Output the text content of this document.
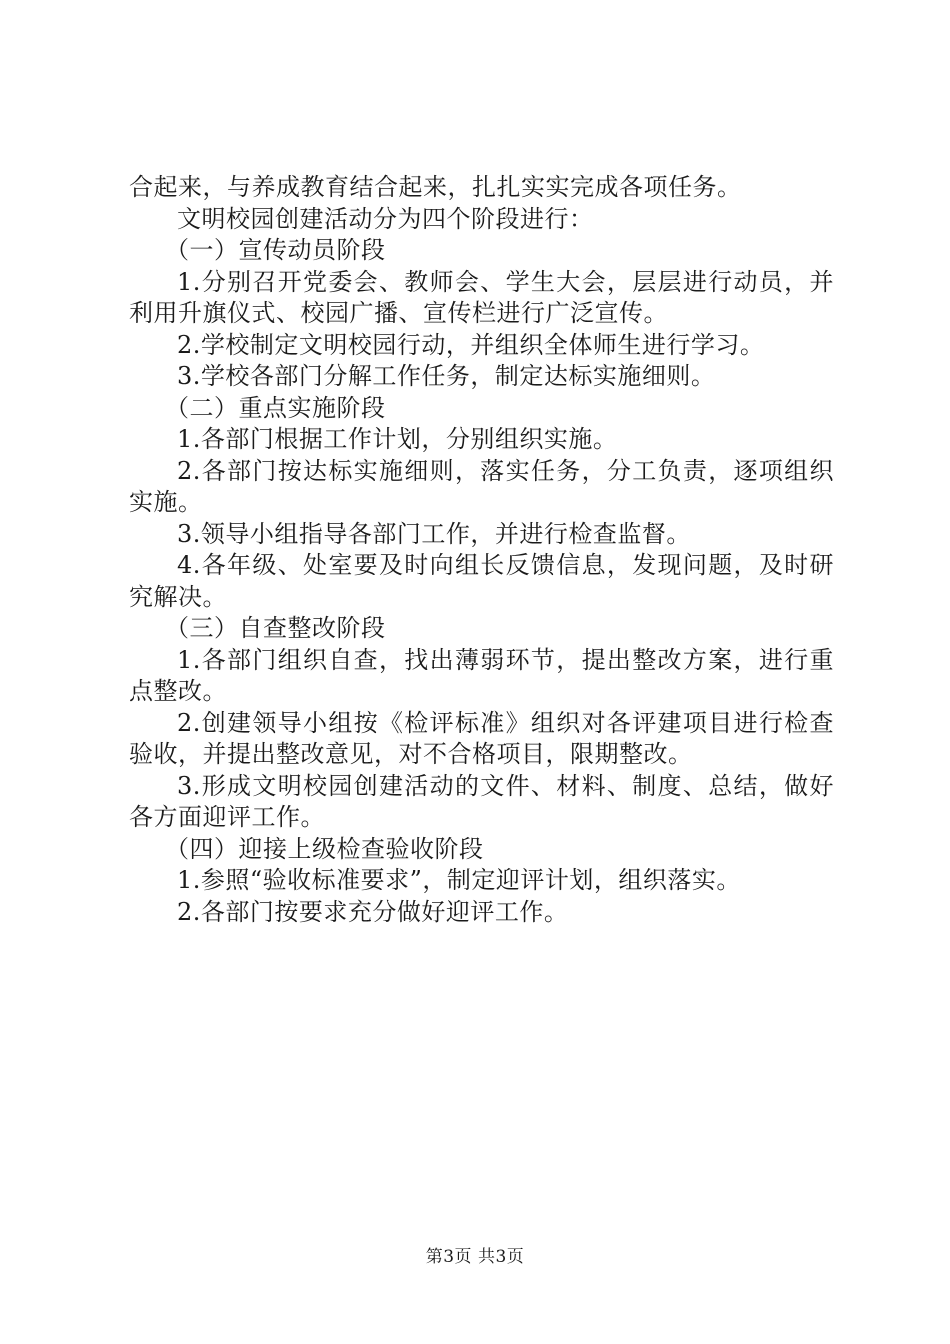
合起来，与养成教育结合起来，扎扎实实完成各项任务。

文明校园创建活动分为四个阶段进行：

（一）宣传动员阶段

1.分别召开党委会、教师会、学生大会，层层进行动员，并利用升旗仪式、校园广播、宣传栏进行广泛宣传。

2.学校制定文明校园行动，并组织全体师生进行学习。

3.学校各部门分解工作任务，制定达标实施细则。

（二）重点实施阶段

1.各部门根据工作计划，分别组织实施。

2.各部门按达标实施细则，落实任务，分工负责，逐项组织实施。

3.领导小组指导各部门工作，并进行检查监督。

4.各年级、处室要及时向组长反馈信息，发现问题，及时研究解决。

（三）自查整改阶段

1.各部门组织自查，找出薄弱环节，提出整改方案，进行重点整改。

2.创建领导小组按《检评标准》组织对各评建项目进行检查验收，并提出整改意见，对不合格项目，限期整改。

3.形成文明校园创建活动的文件、材料、制度、总结，做好各方面迎评工作。

（四）迎接上级检查验收阶段

1.参照“验收标准要求”，制定迎评计划，组织落实。

2.各部门按要求充分做好迎评工作。

第3页 共3页
